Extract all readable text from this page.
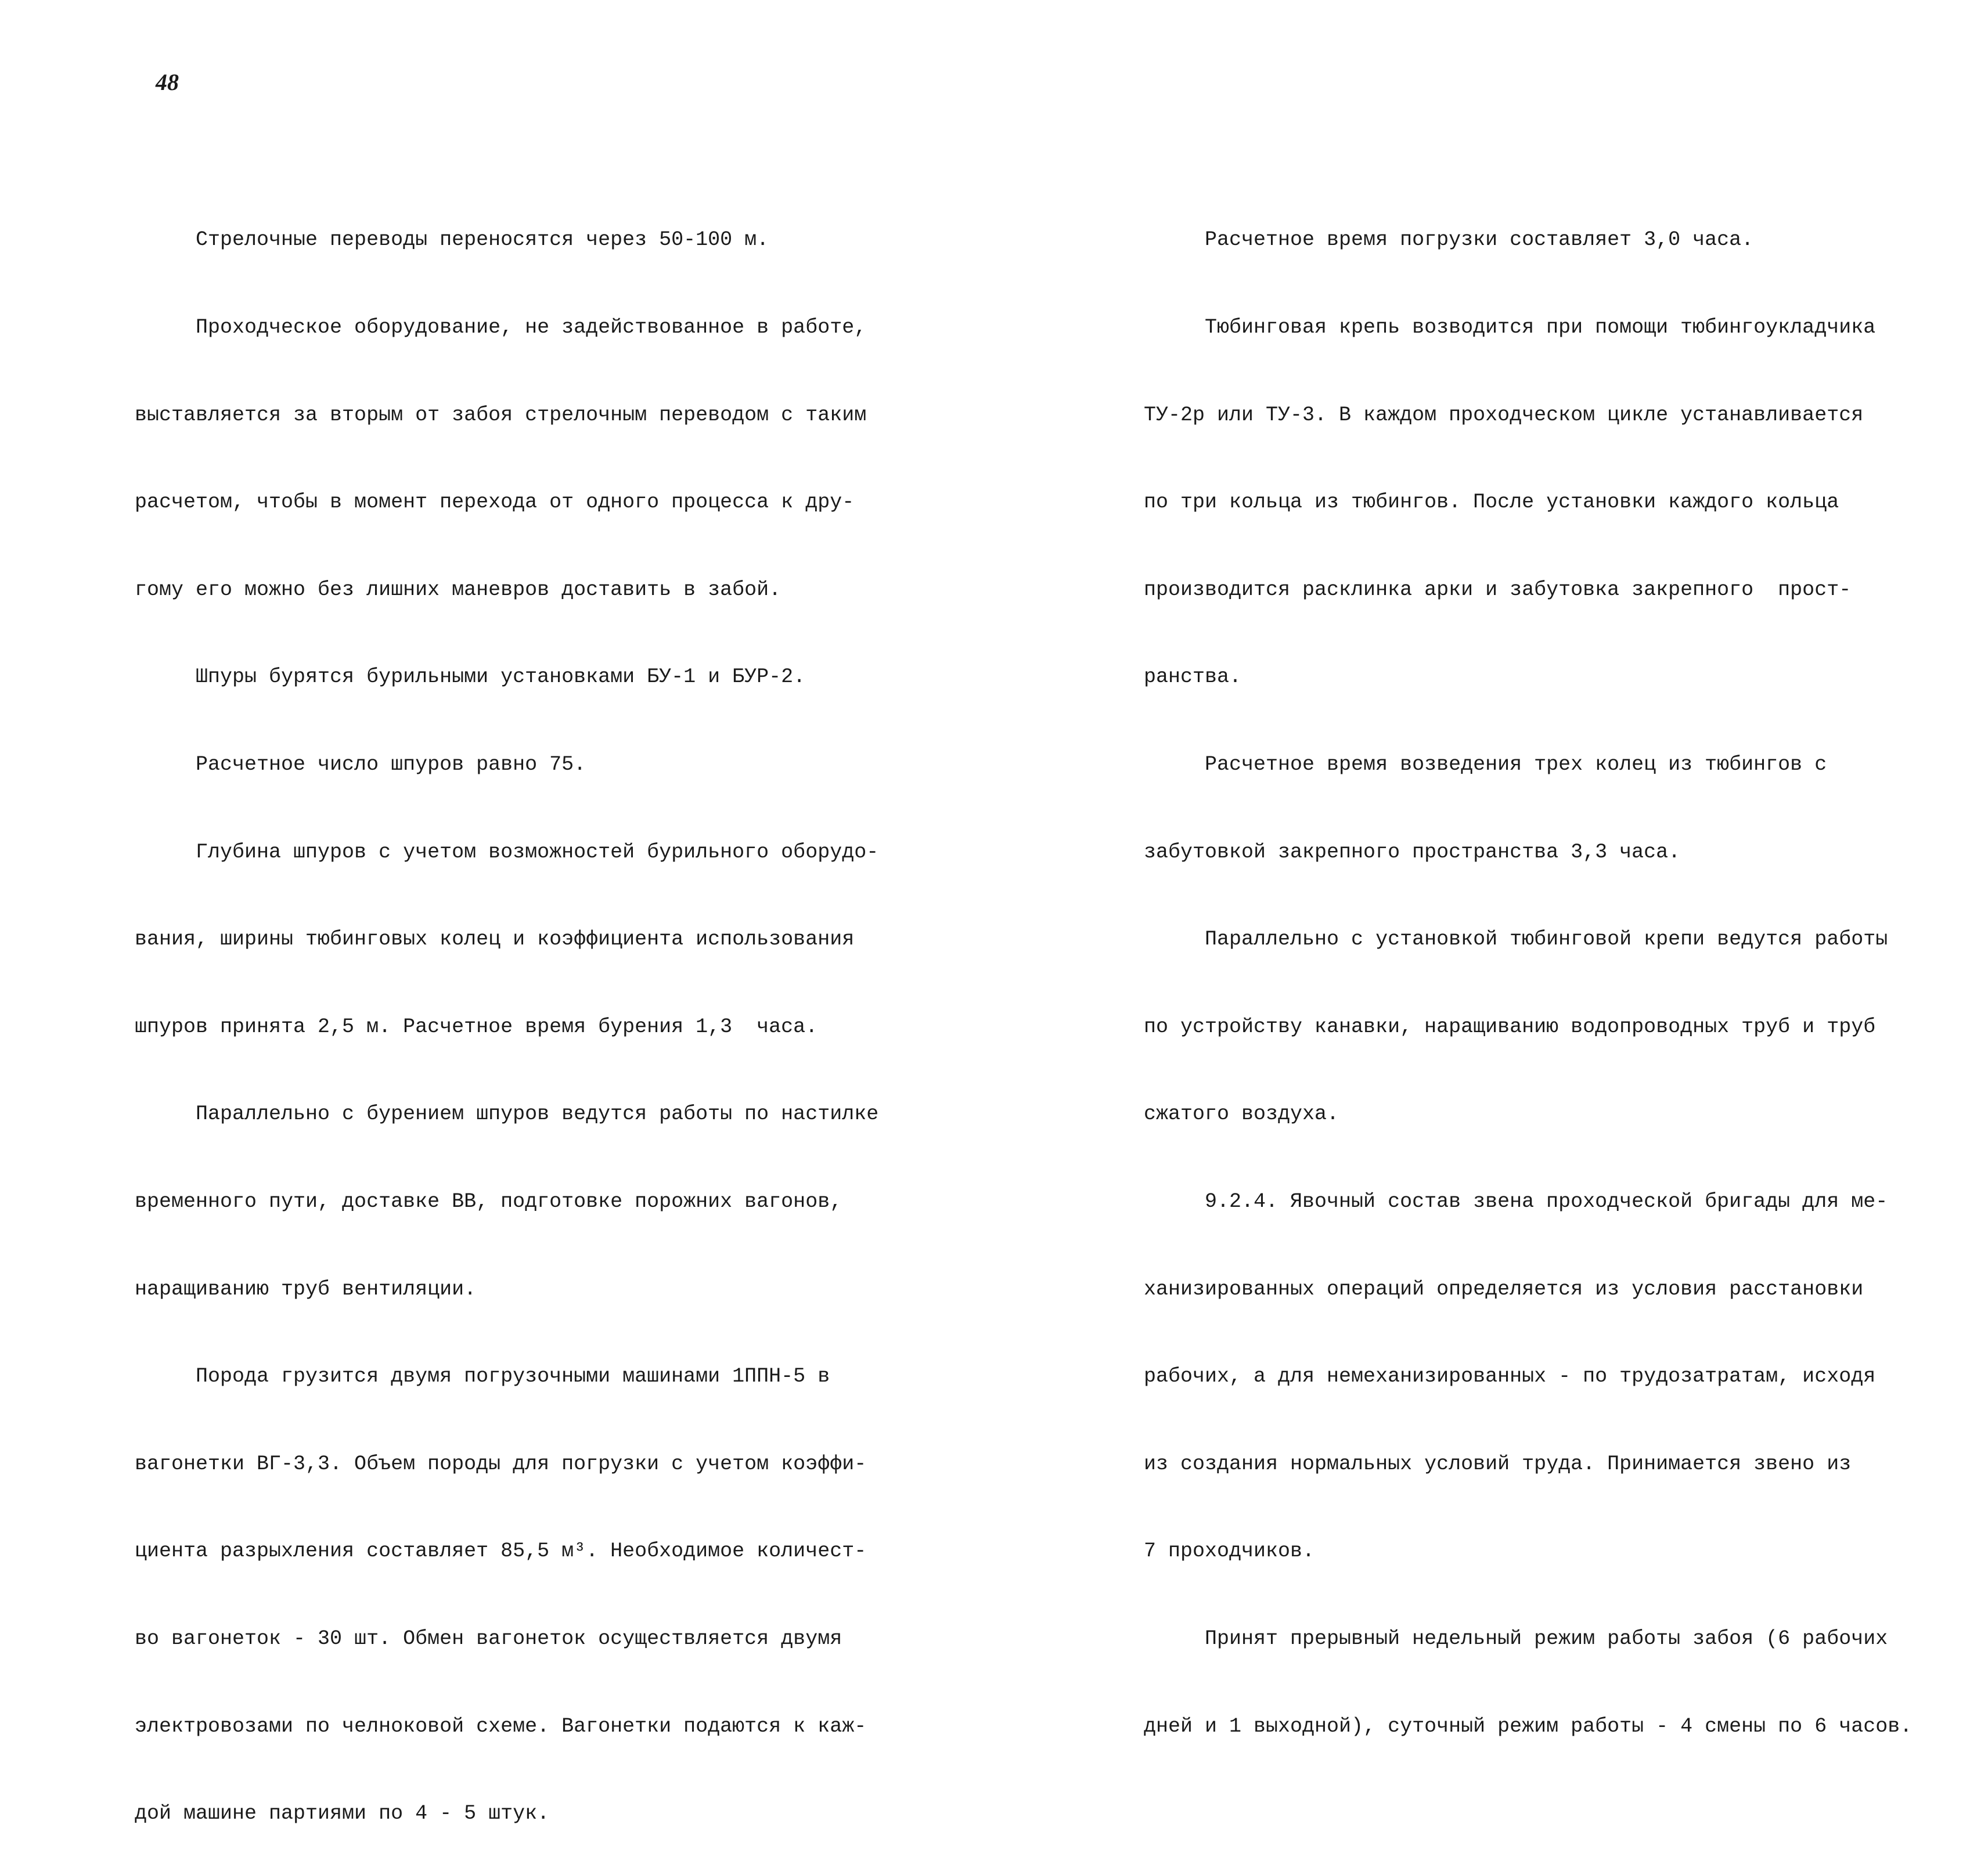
48

Стрелочные переводы переносятся через 50-100 м.

Проходческое оборудование, не задействованное в работе,

выставляется за вторым от забоя стрелочным переводом с таким

расчетом, чтобы в момент перехода от одного процесса к дру-

гому его можно без лишних маневров доставить в забой.

Шпуры бурятся бурильными установками БУ-1 и БУР-2.

Расчетное число шпуров равно 75.

Глубина шпуров с учетом возможностей бурильного оборудо-

вания, ширины тюбинговых колец и коэффициента использования

шпуров принята 2,5 м. Расчетное время бурения 1,3  часа.

Параллельно с бурением шпуров ведутся работы по настилке

временного пути, доставке ВВ, подготовке порожних вагонов,

наращиванию труб вентиляции.

Порода грузится двумя погрузочными машинами 1ППН-5 в

вагонетки ВГ-3,3. Объем породы для погрузки с учетом коэффи-

циента разрыхления составляет 85,5 м³. Необходимое количест-

во вагонеток - 30 шт. Обмен вагонеток осуществляется двумя

электровозами по челноковой схеме. Вагонетки подаются к каж-

дой машине партиями по 4 - 5 штук.

Расчетное время погрузки составляет 3,0 часа.

Тюбинговая крепь возводится при помощи тюбингоукладчика

ТУ-2р или ТУ-3. В каждом проходческом цикле устанавливается

по три кольца из тюбингов. После установки каждого кольца

производится расклинка арки и забутовка закрепного  прост-

ранства.

Расчетное время возведения трех колец из тюбингов с

забутовкой закрепного пространства 3,3 часа.

Параллельно с установкой тюбинговой крепи ведутся работы

по устройству канавки, наращиванию водопроводных труб и труб

сжатого воздуха.

9.2.4. Явочный состав звена проходческой бригады для ме-

ханизированных операций определяется из условия расстановки

рабочих, а для немеханизированных - по трудозатратам, исходя

из создания нормальных условий труда. Принимается звено из

7 проходчиков.

Принят прерывный недельный режим работы забоя (6 рабочих

дней и 1 выходной), суточный режим работы - 4 смены по 6 часов.
